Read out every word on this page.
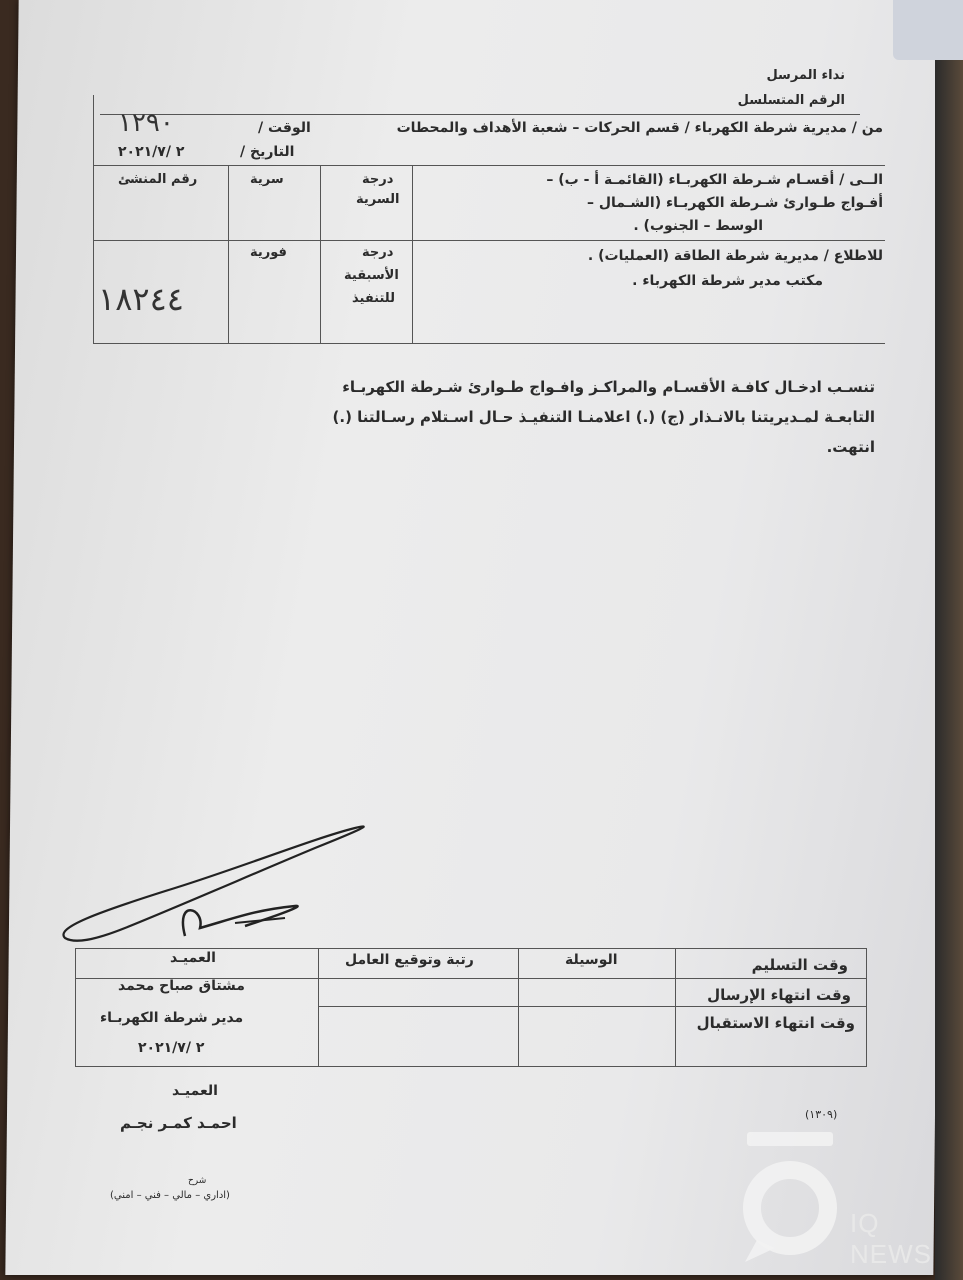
نداء المرسل
الرقم المتسلسل
من / مديرية شرطة الكهرباء / قسم الحركات – شعبة الأهداف والمحطات
الوقت /
١٢٩٠
التاريخ /
٢ /٢٠٢١/٧
الــى / أقسـام شـرطة الكهربـاء (القائمـة أ - ب) –
أفـواج طـوارئ شـرطة الكهربـاء (الشـمال –
الوسط – الجنوب) .
درجة
السرية
سرية
رقم المنشئ
للاطلاع / مديرية شرطة الطاقة (العمليات) .
مكتب مدير شرطة الكهرباء .
درجة
الأسبقية
للتنفيذ
فورية
١٨٢٤٤
تنسـب ادخـال كافـة الأقسـام والمراكـز وافـواج طـوارئ شـرطة الكهربـاء
التابعـة لمـديريتنا بالانـذار (ج) (.) اعلامنـا التنفيـذ حـال اسـتلام رسـالتنا (.)
انتهت.
وقت التسليم
وقت انتهاء الإرسال
وقت انتهاء الاستقبال
الوسيلة
رتبة وتوقيع العامل
العميـد
مشتاق صباح محمد
مدير شرطة الكهربـاء
٢ /٢٠٢١/٧
العميـد
احمـد كمـر نجـم	(١٣٠٩)
شرح
(اداري – مالي – فني – امني)
IQ NEWS
